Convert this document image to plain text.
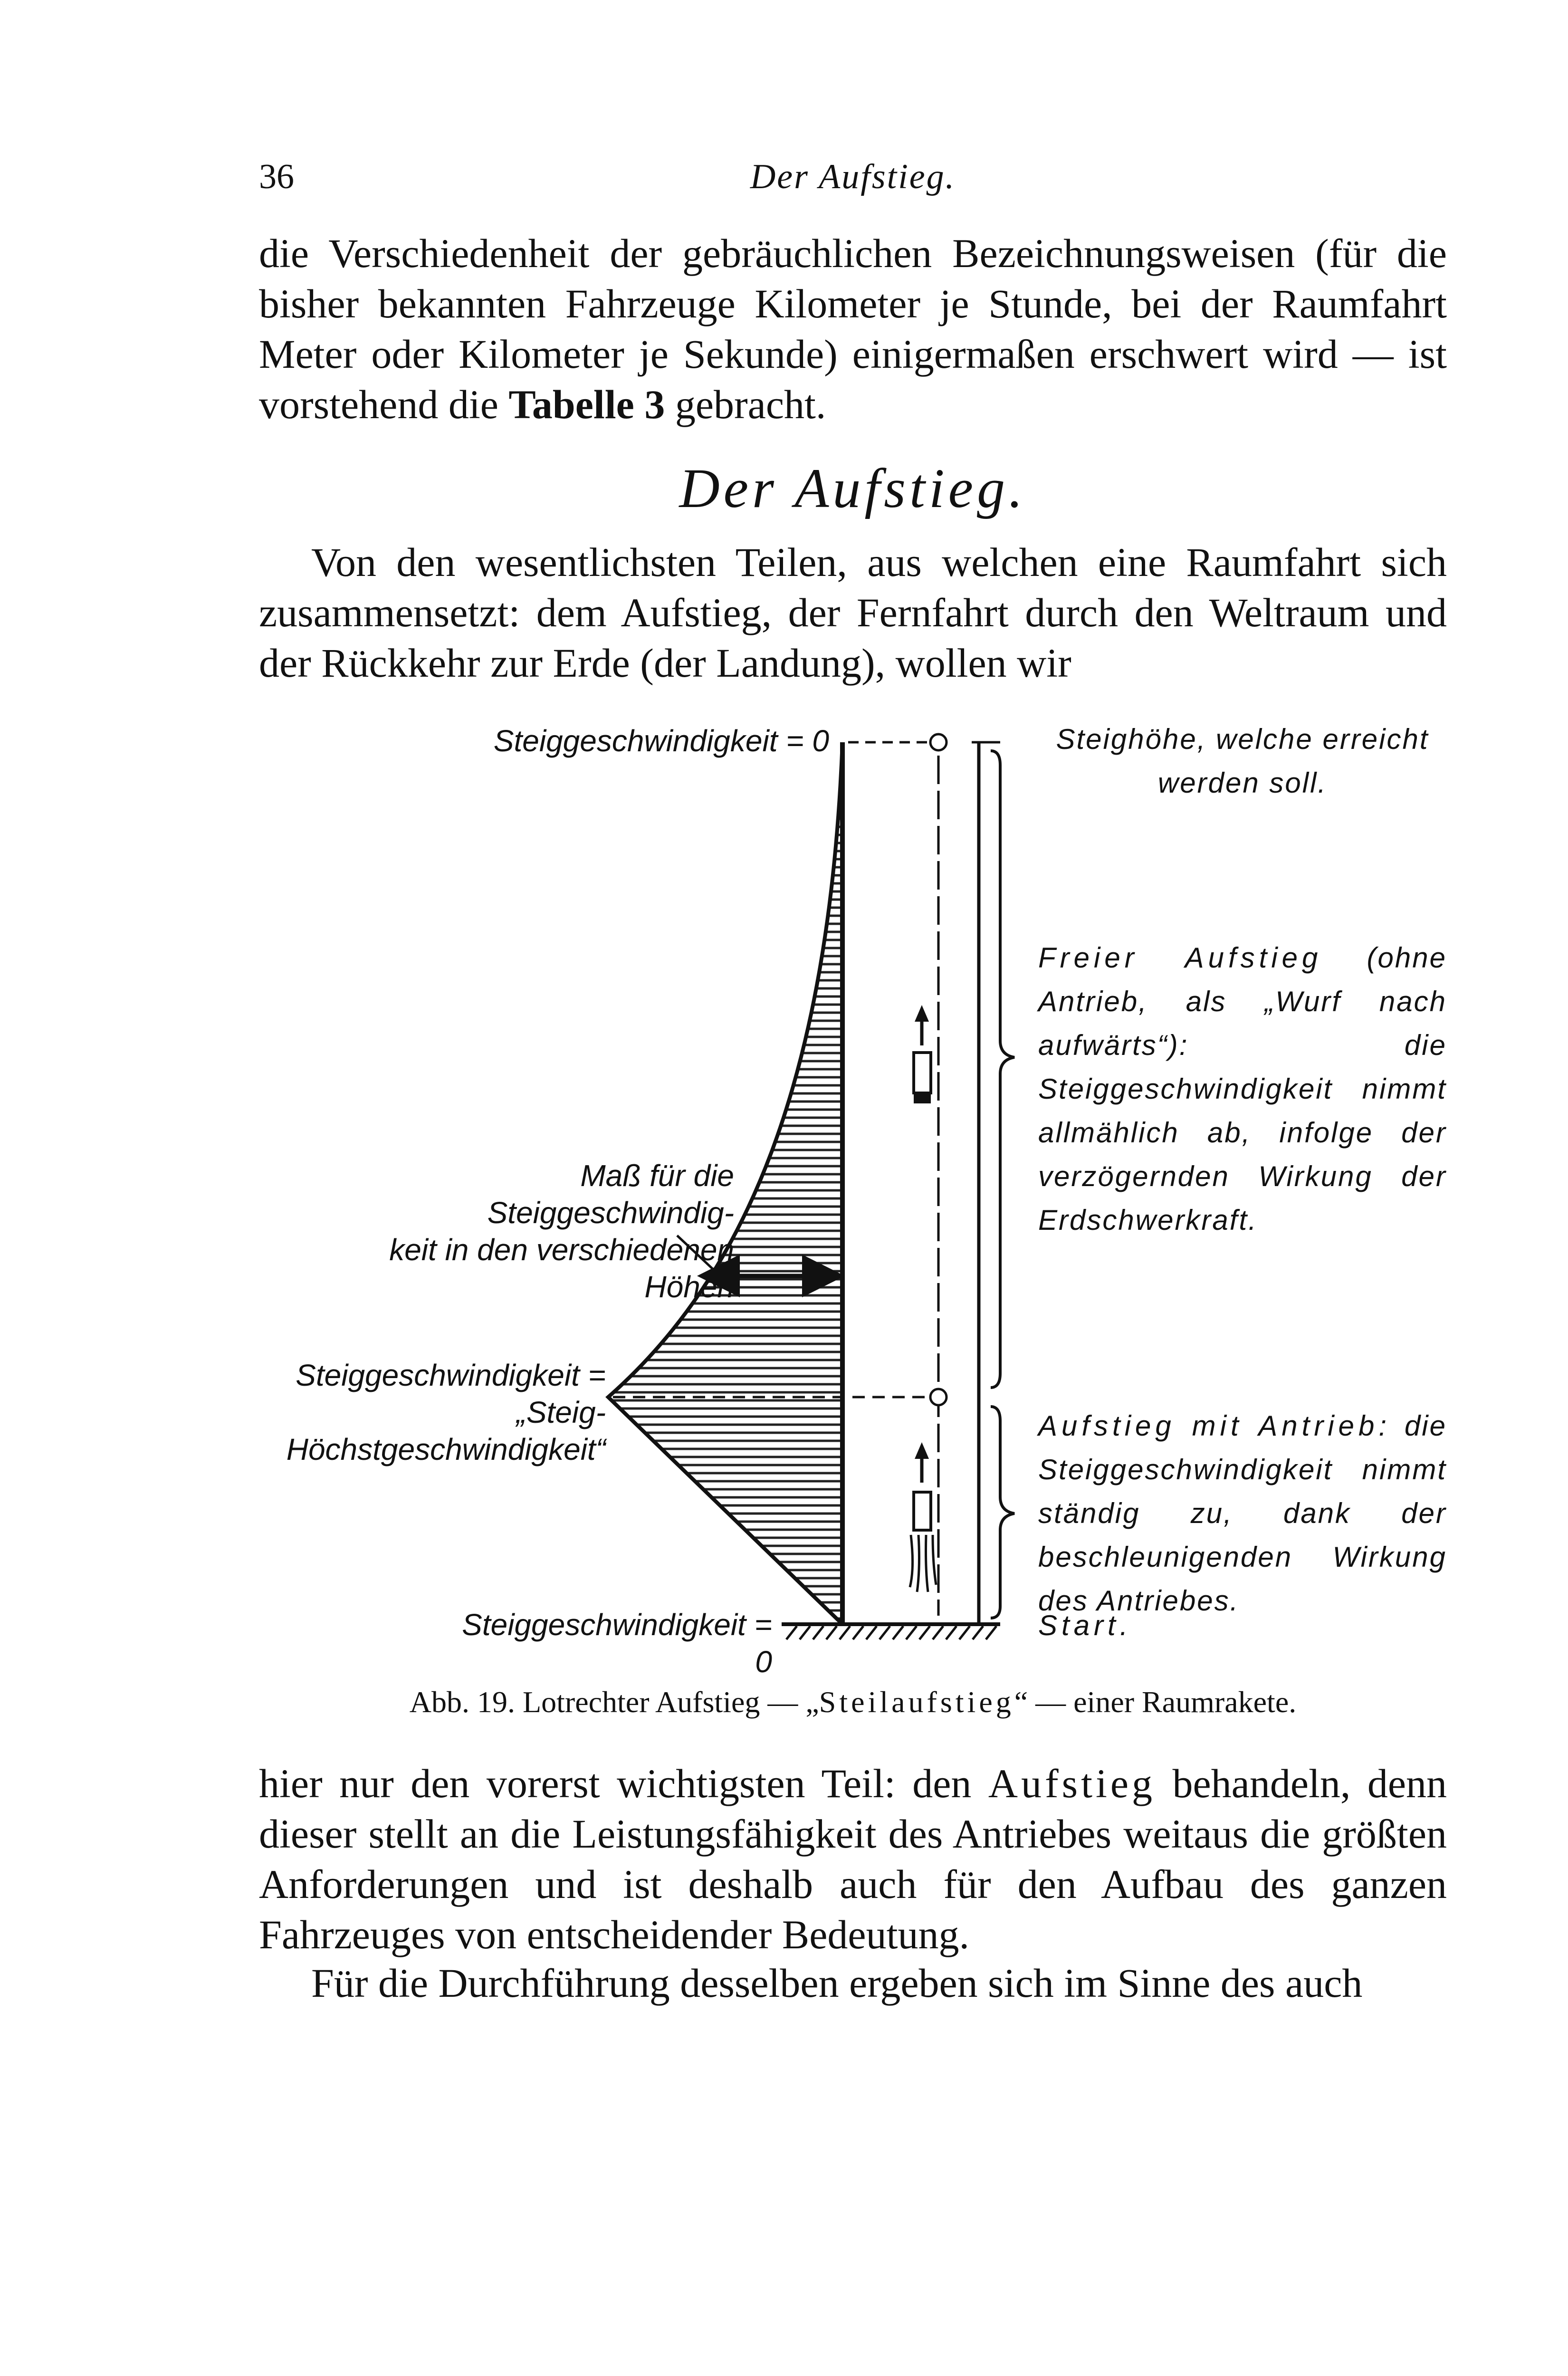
36	Der Aufstieg.

die Verschiedenheit der gebräuchlichen Bezeichnungsweisen (für die bisher bekannten Fahrzeuge Kilometer je Stunde, bei der Raumfahrt Meter oder Kilometer je Sekunde) einigermaßen erschwert wird — ist vorstehend die Tabelle 3 gebracht.

Der Aufstieg.

Von den wesentlichsten Teilen, aus welchen eine Raumfahrt sich zusammensetzt: dem Aufstieg, der Fernfahrt durch den Weltraum und der Rückkehr zur Erde (der Landung), wollen wir

Steiggeschwindigkeit = 0
Maß für die Steiggeschwindig-
keit in den verschiedenen Höhen
Steiggeschwindigkeit =
„Steig-Höchstgeschwindigkeit“
Steiggeschwindigkeit = 0
Steighöhe, welche erreicht
werden soll.
Freier Aufstieg (ohne Antrieb, als „Wurf nach aufwärts“): die Steiggeschwindigkeit nimmt allmählich ab, infolge der verzögernden Wirkung der Erdschwerkraft.
Aufstieg mit Antrieb: die Steiggeschwindigkeit nimmt ständig zu, dank der beschleunigenden Wirkung des Antriebes.
Start.

Abb. 19. Lotrechter Aufstieg — „Steilaufstieg“ — einer Raumrakete.

hier nur den vorerst wichtigsten Teil: den Aufstieg behandeln, denn dieser stellt an die Leistungsfähigkeit des Antriebes weitaus die größten Anforderungen und ist deshalb auch für den Aufbau des ganzen Fahrzeuges von entscheidender Bedeutung.

Für die Durchführung desselben ergeben sich im Sinne des auch
